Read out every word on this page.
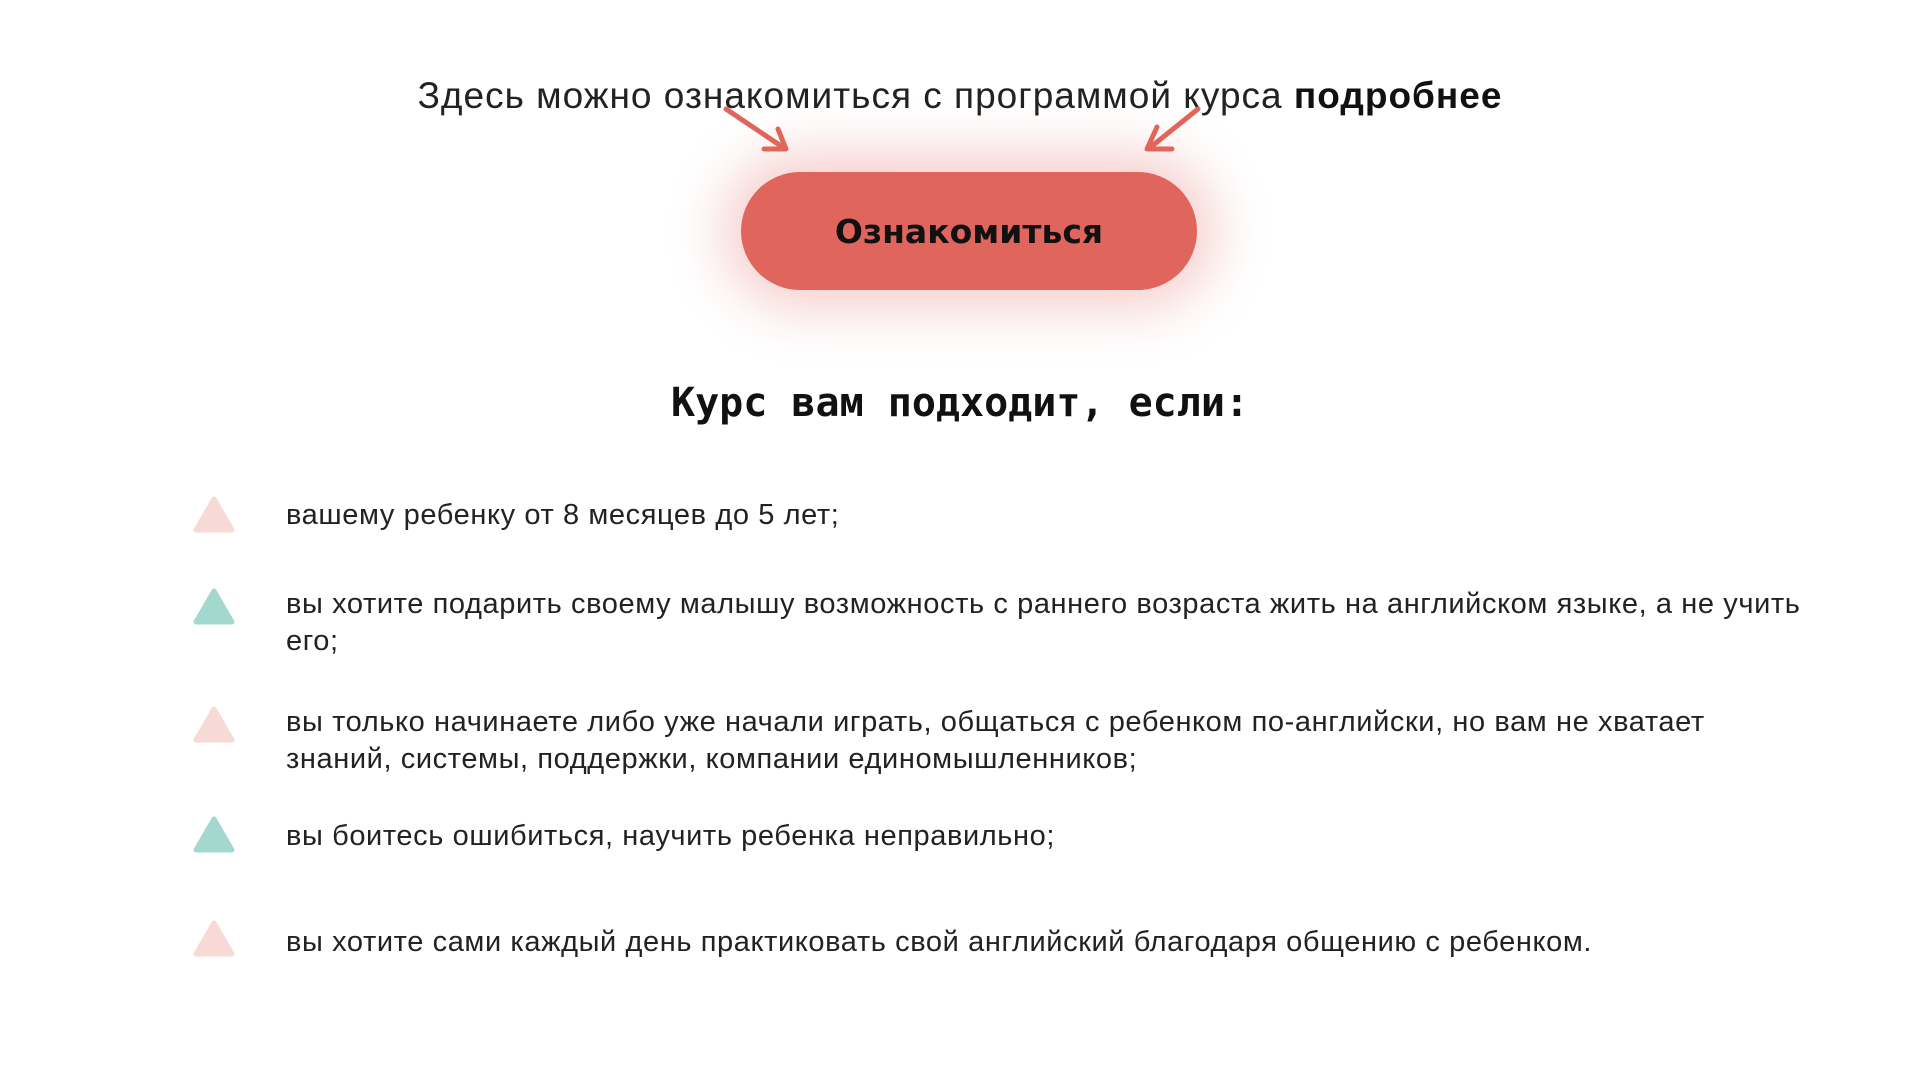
Здесь можно ознакомиться с программой курса подробнее

Ознакомиться
Курс вам подходит, если:
вашему ребенку от 8 месяцев до 5 лет;
вы хотите подарить своему малышу возможность с раннего возраста жить на английском языке, а не учить его;
вы только начинаете либо уже начали играть, общаться с ребенком по-английски, но вам не хватает знаний, системы, поддержки, компании единомышленников;
вы боитесь ошибиться, научить ребенка неправильно;
вы хотите сами каждый день практиковать свой английский благодаря общению с ребенком.
